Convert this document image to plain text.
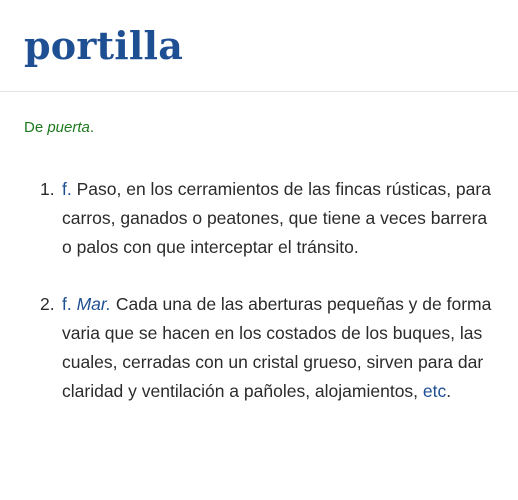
portilla
De puerta.
1. f. Paso, en los cerramientos de las fincas rústicas, para carros, ganados o peatones, que tiene a veces barrera o palos con que interceptar el tránsito.
2. f. Mar. Cada una de las aberturas pequeñas y de forma varia que se hacen en los costados de los buques, las cuales, cerradas con un cristal grueso, sirven para dar claridad y ventilación a pañoles, alojamientos, etc.
